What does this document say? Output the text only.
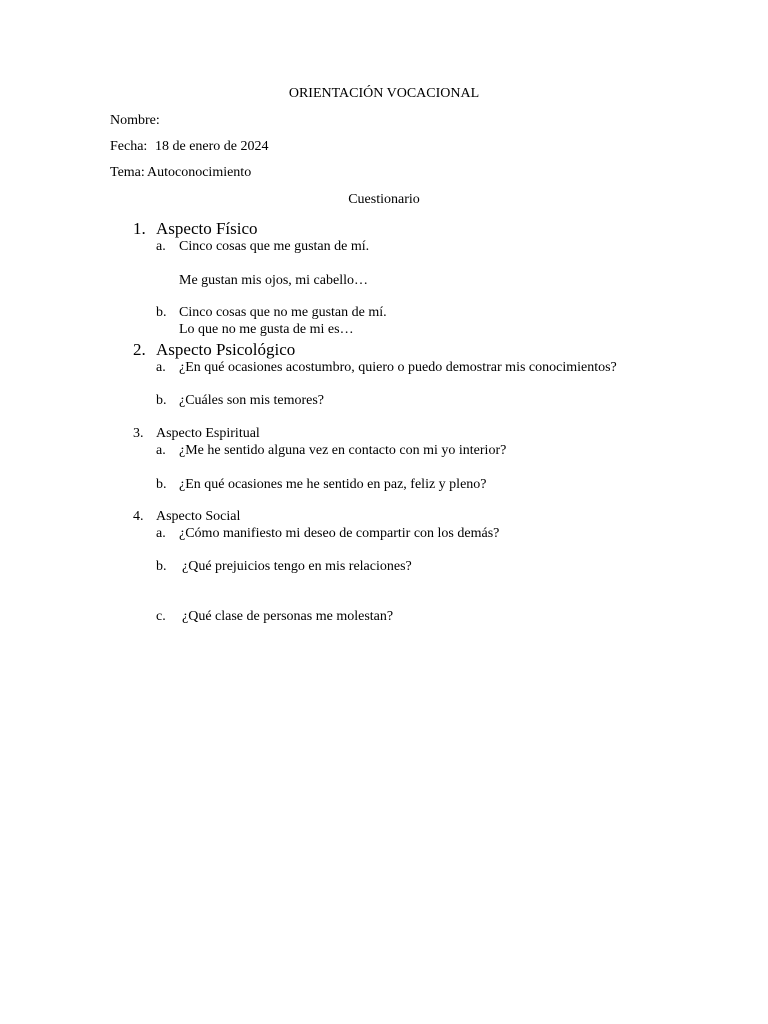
ORIENTACIÓN VOCACIONAL
Nombre:
Fecha: 18 de enero de 2024
Tema: Autoconocimiento
Cuestionario
1. Aspecto Físico
a. Cinco cosas que me gustan de mí.
Me gustan mis ojos, mi cabello…
b. Cinco cosas que no me gustan de mí.
Lo que no me gusta de mi es…
2. Aspecto Psicológico
a. ¿En qué ocasiones acostumbro, quiero o puedo demostrar mis conocimientos?
b. ¿Cuáles son mis temores?
3. Aspecto Espiritual
a. ¿Me he sentido alguna vez en contacto con mi yo interior?
b. ¿En qué ocasiones me he sentido en paz, feliz y pleno?
4. Aspecto Social
a. ¿Cómo manifiesto mi deseo de compartir con los demás?
b. ¿Qué prejuicios tengo en mis relaciones?
c. ¿Qué clase de personas me molestan?
